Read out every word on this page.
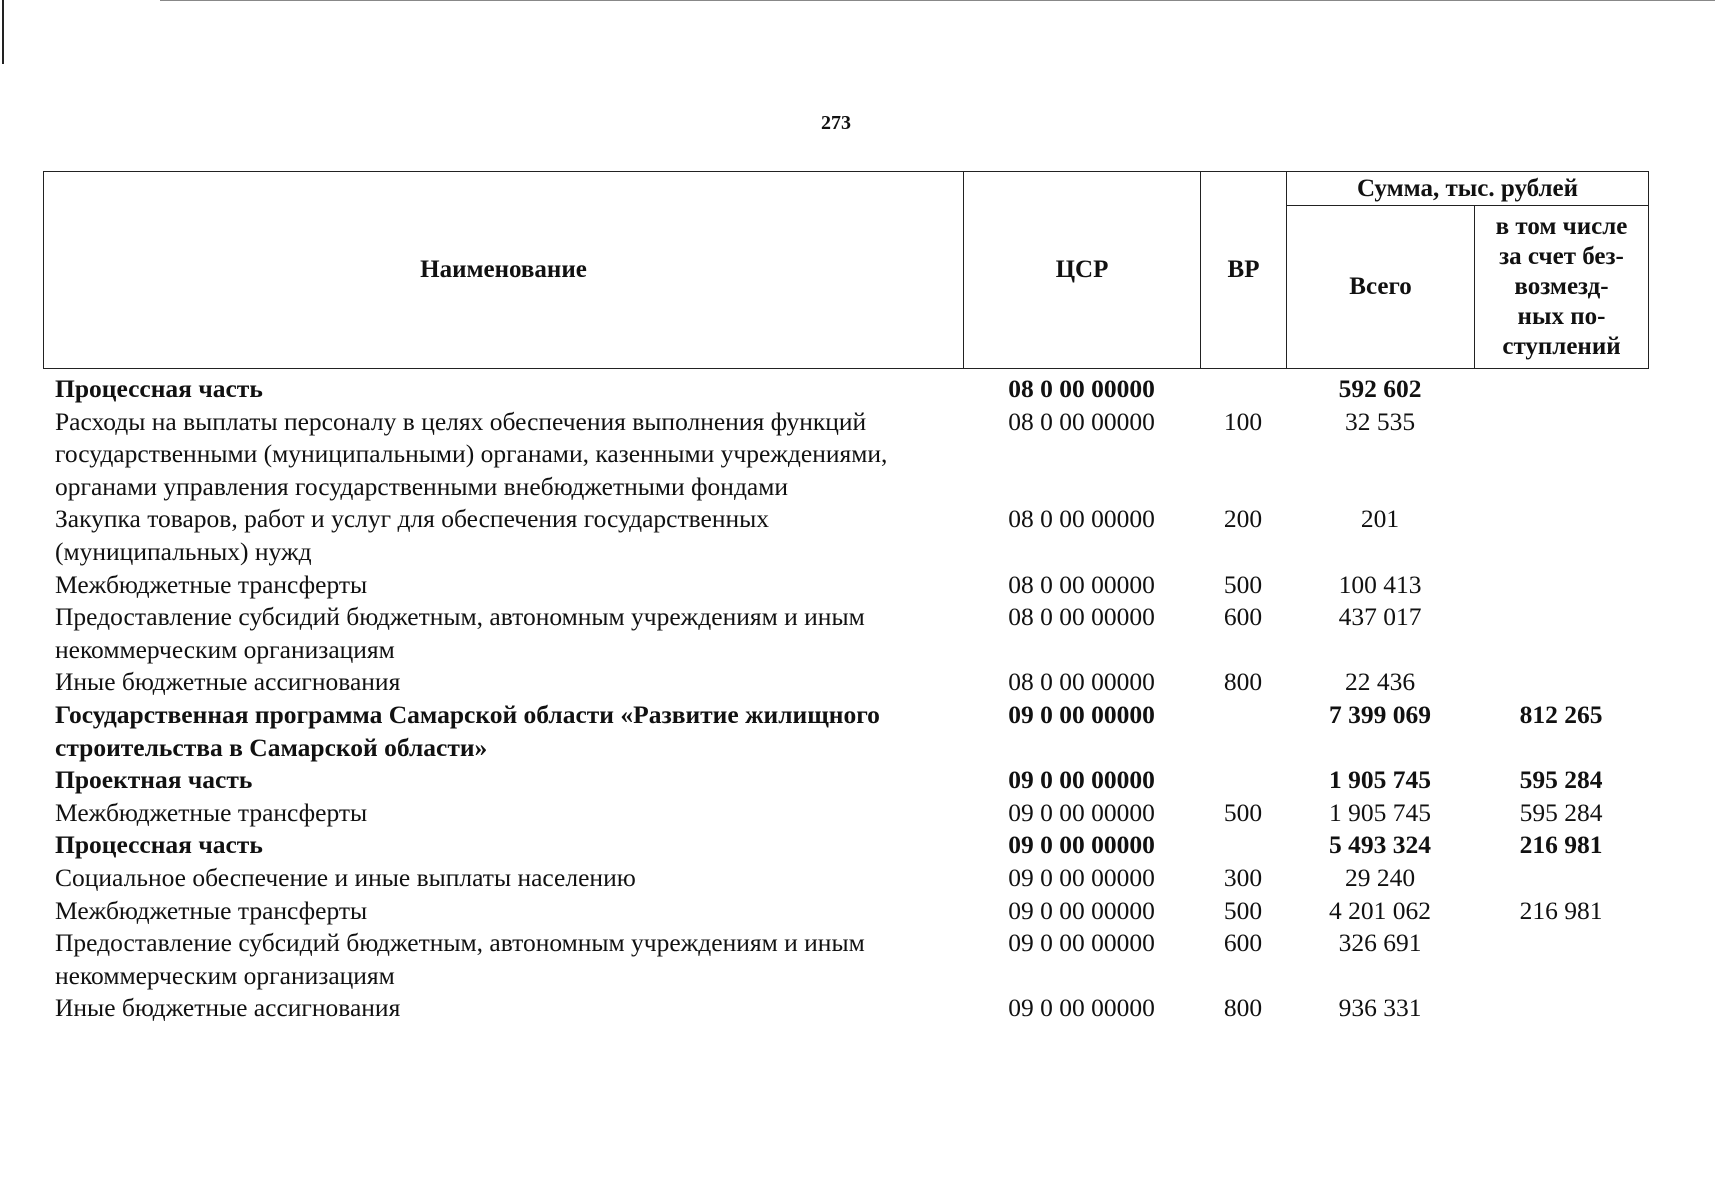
273
Наименование	ЦСР	ВР	Сумма, тыс. рублей	
			Всего	в том числе
за счет без-
возмезд-
ных по-
ступлений
Процессная часть	08 0 00 00000		592 602	
Расходы на выплаты персоналу в целях обеспечения выполнения функций государственными (муниципальными) органами, казенными учреждениями, органами управления государственными внебюджетными фондами	08 0 00 00000	100	32 535	
Закупка товаров, работ и услуг для обеспечения государственных (муниципальных) нужд	08 0 00 00000	200	201	
Межбюджетные трансферты	08 0 00 00000	500	100 413	
Предоставление субсидий бюджетным, автономным учреждениям и иным некоммерческим организациям	08 0 00 00000	600	437 017	
Иные бюджетные ассигнования	08 0 00 00000	800	22 436	
Государственная программа Самарской области «Развитие жилищного строительства в Самарской области»	09 0 00 00000		7 399 069	812 265
Проектная часть	09 0 00 00000		1 905 745	595 284
Межбюджетные трансферты	09 0 00 00000	500	1 905 745	595 284
Процессная часть	09 0 00 00000		5 493 324	216 981
Социальное обеспечение и иные выплаты населению	09 0 00 00000	300	29 240	
Межбюджетные трансферты	09 0 00 00000	500	4 201 062	216 981
Предоставление субсидий бюджетным, автономным учреждениям и иным некоммерческим организациям	09 0 00 00000	600	326 691	
Иные бюджетные ассигнования	09 0 00 00000	800	936 331	
